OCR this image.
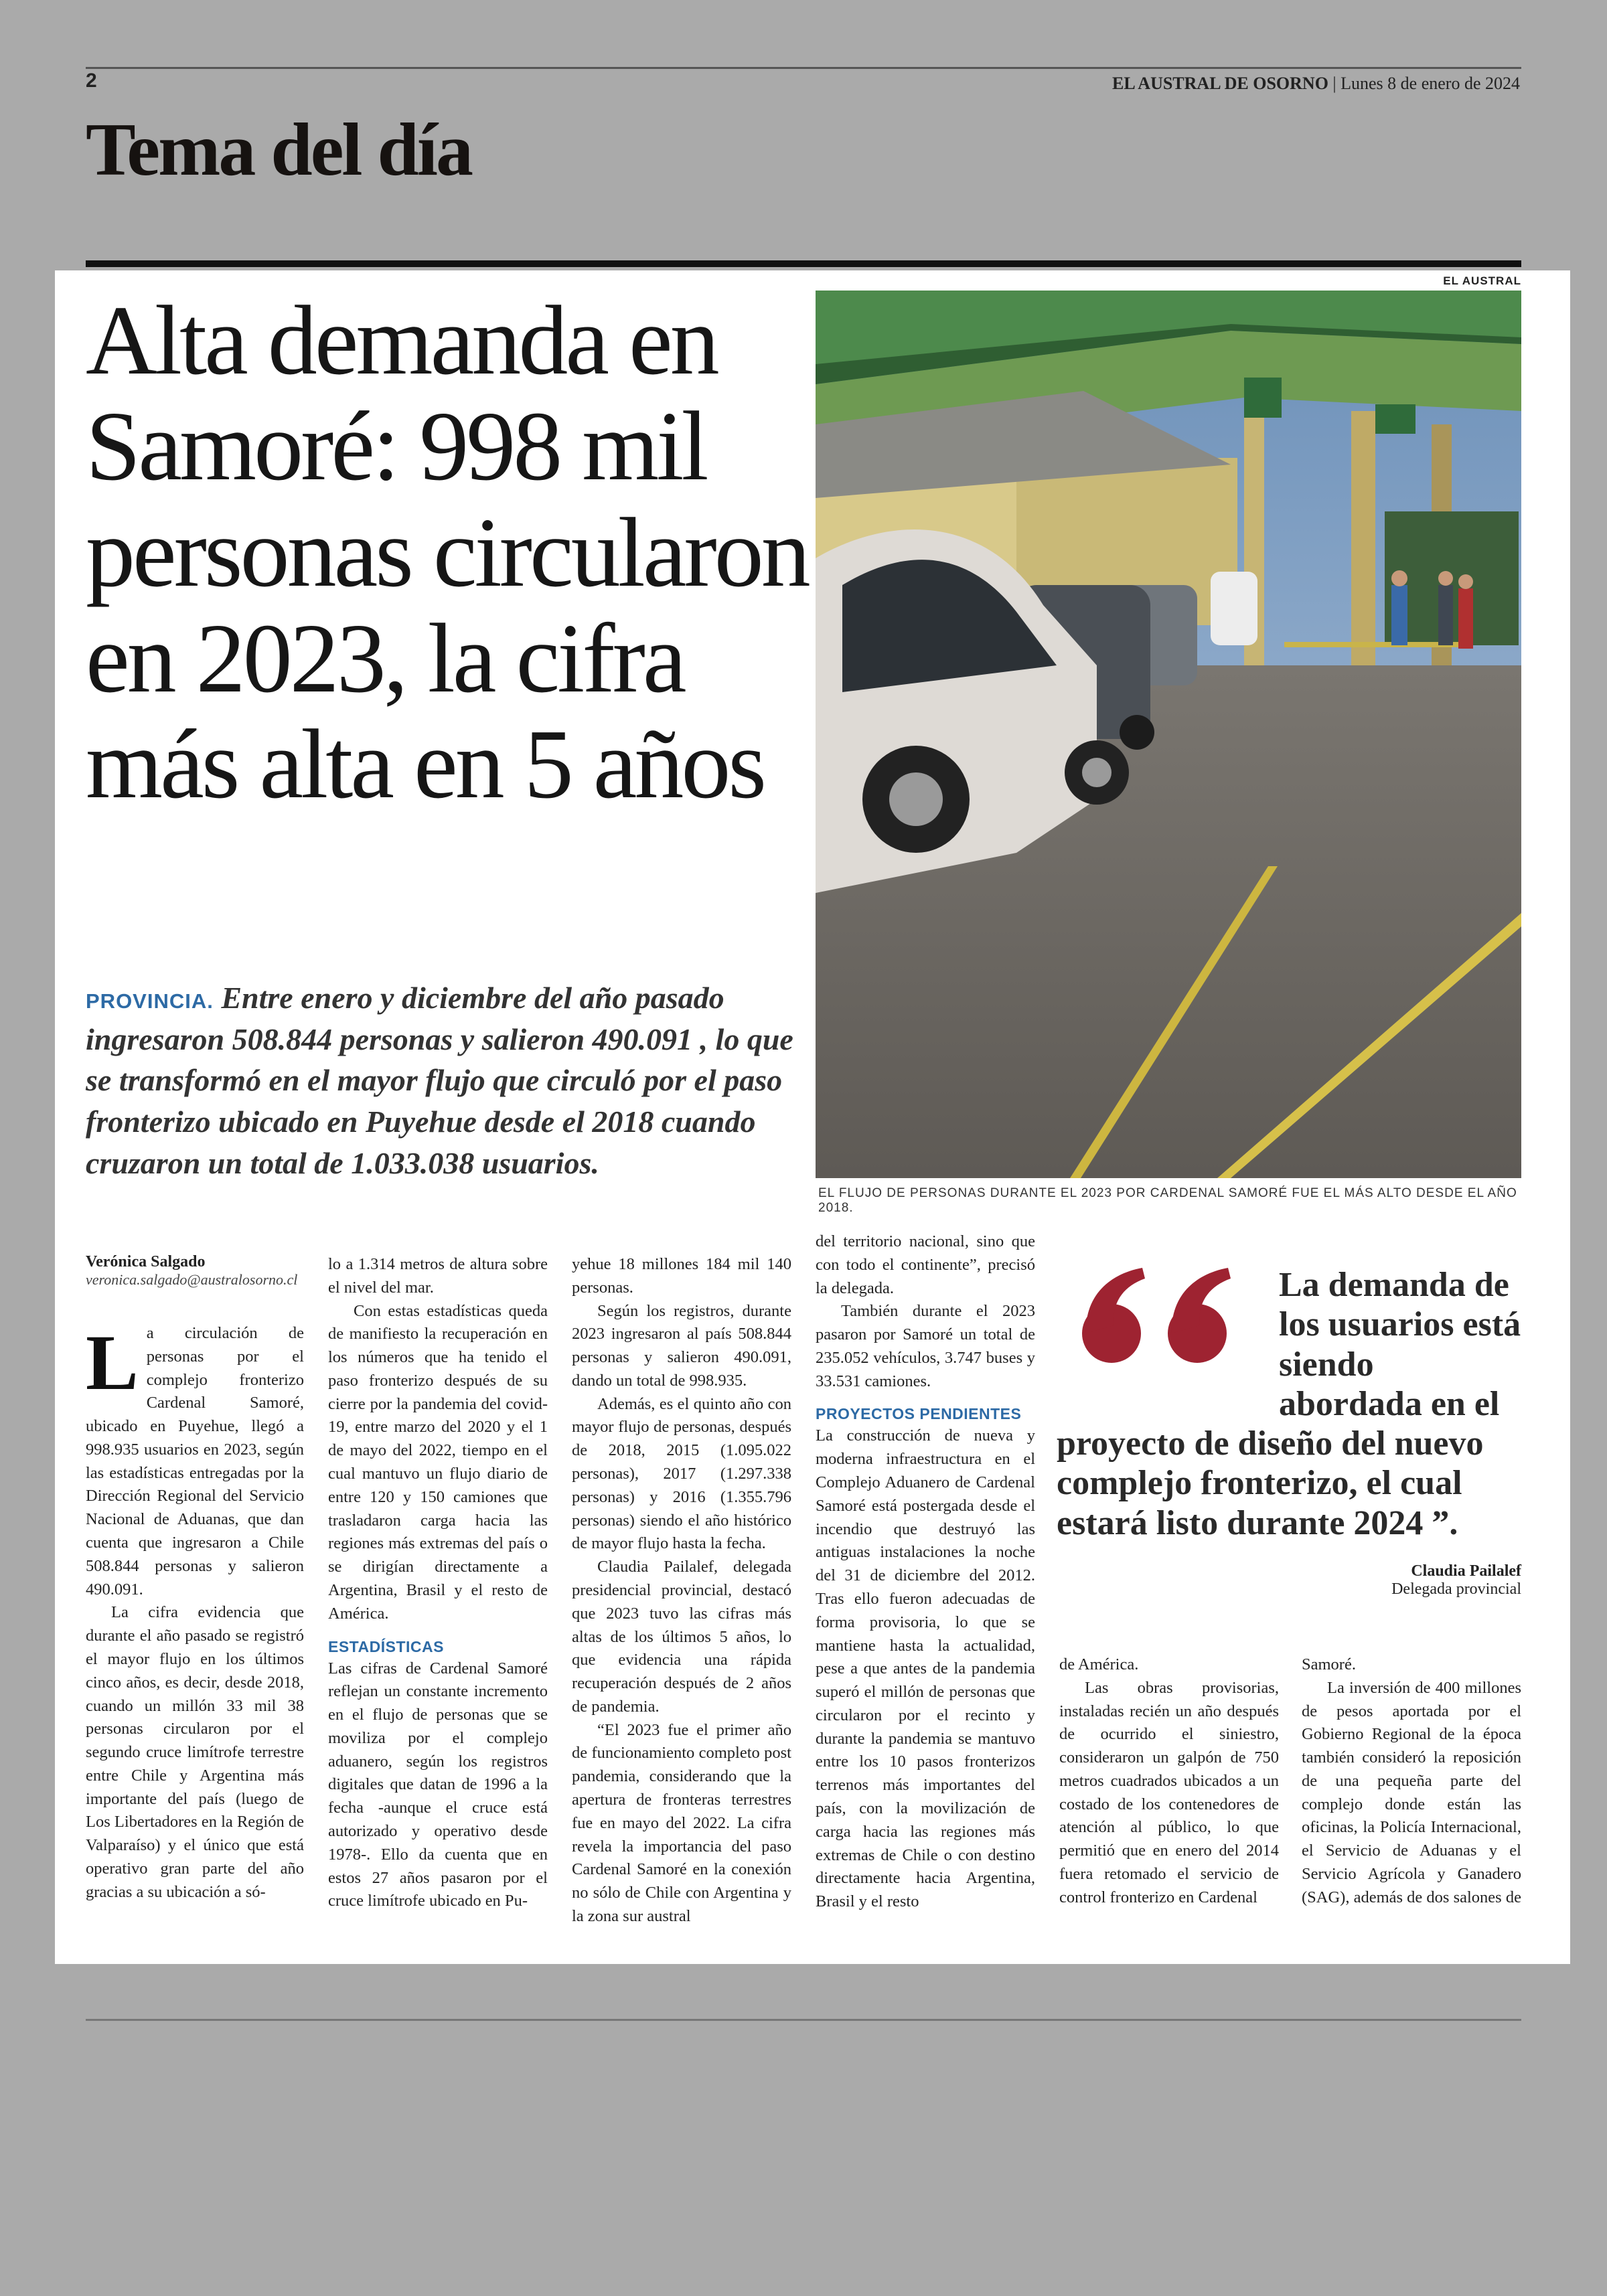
2	EL AUSTRAL DE OSORNO | Lunes 8 de enero de 2024
Tema del día
EL AUSTRAL
Alta demanda en Samoré: 998 mil personas circularon en 2023, la cifra más alta en 5 años
EL FLUJO DE PERSONAS DURANTE EL 2023 POR CARDENAL SAMORÉ FUE EL MÁS ALTO DESDE EL AÑO 2018.
PROVINCIA. Entre enero y diciembre del año pasado ingresaron 508.844 personas y salieron 490.091 , lo que se transformó en el mayor flujo que circuló por el paso fronterizo ubicado en Puyehue desde el 2018 cuando cruzaron un total de 1.033.038 usuarios.
Verónica Salgado
veronica.salgado@australosorno.cl

La circulación de personas por el complejo fronterizo Cardenal Samoré, ubicado en Puyehue, llegó a 998.935 usuarios en 2023, según las estadísticas entregadas por la Dirección Regional del Servicio Nacional de Aduanas, que dan cuenta que ingresaron a Chile 508.844 personas y salieron 490.091.

La cifra evidencia que durante el año pasado se registró el mayor flujo en los últimos cinco años, es decir, desde 2018, cuando un millón 33 mil 38 personas circularon por el segundo cruce limítrofe terrestre entre Chile y Argentina más importante del país (luego de Los Libertadores en la Región de Valparaíso) y el único que está operativo gran parte del año gracias a su ubicación a só-

lo a 1.314 metros de altura sobre el nivel del mar.

Con estas estadísticas queda de manifiesto la recuperación en los números que ha tenido el paso fronterizo después de su cierre por la pandemia del covid-19, entre marzo del 2020 y el 1 de mayo del 2022, tiempo en el cual mantuvo un flujo diario de entre 120 y 150 camiones que trasladaron carga hacia las regiones más extremas del país o se dirigían directamente a Argentina, Brasil y el resto de América.

ESTADÍSTICAS

Las cifras de Cardenal Samoré reflejan un constante incremento en el flujo de personas que se moviliza por el complejo aduanero, según los registros digitales que datan de 1996 a la fecha -aunque el cruce está autorizado y operativo desde 1978-. Ello da cuenta que en estos 27 años pasaron por el cruce limítrofe ubicado en Pu-

yehue 18 millones 184 mil 140 personas.

Según los registros, durante 2023 ingresaron al país 508.844 personas y salieron 490.091, dando un total de 998.935.

Además, es el quinto año con mayor flujo de personas, después de 2018, 2015 (1.095.022 personas), 2017 (1.297.338 personas) y 2016 (1.355.796 personas) siendo el año histórico de mayor flujo hasta la fecha.

Claudia Pailalef, delegada presidencial provincial, destacó que 2023 tuvo las cifras más altas de los últimos 5 años, lo que evidencia una rápida recuperación después de 2 años de pandemia.

“El 2023 fue el primer año de funcionamiento completo post pandemia, considerando que la apertura de fronteras terrestres fue en mayo del 2022. La cifra revela la importancia del paso Cardenal Samoré en la conexión no sólo de Chile con Argentina y la zona sur austral

del territorio nacional, sino que con todo el continente”, precisó la delegada.

También durante el 2023 pasaron por Samoré un total de 235.052 vehículos, 3.747 buses y 33.531 camiones.

PROYECTOS PENDIENTES

La construcción de nueva y moderna infraestructura en el Complejo Aduanero de Cardenal Samoré está postergada desde el incendio que destruyó las antiguas instalaciones la noche del 31 de diciembre del 2012. Tras ello fueron adecuadas de forma provisoria, lo que se mantiene hasta la actualidad, pese a que antes de la pandemia superó el millón de personas que circularon por el recinto y durante la pandemia se mantuvo entre los 10 pasos fronterizos terrenos más importantes del país, con la movilización de carga hacia las regiones más extremas de Chile o con destino directamente hacia Argentina, Brasil y el resto

La demanda de los usuarios está siendo abordada en el
proyecto de diseño del nuevo complejo fronterizo, el cual estará listo durante 2024 ”.
Claudia Pailalef
Delegada provincial

de América.

Las obras provisorias, instaladas recién un año después de ocurrido el siniestro, consideraron un galpón de 750 metros cuadrados ubicados a un costado de los contenedores de atención al público, lo que permitió que en enero del 2014 fuera retomado el servicio de control fronterizo en Cardenal

Samoré.

La inversión de 400 millones de pesos aportada por el Gobierno Regional de la época también consideró la reposición de una pequeña parte del complejo donde están las oficinas, la Policía Internacional, el Servicio de Aduanas y el Servicio Agrícola y Ganadero (SAG), además de dos salones de
